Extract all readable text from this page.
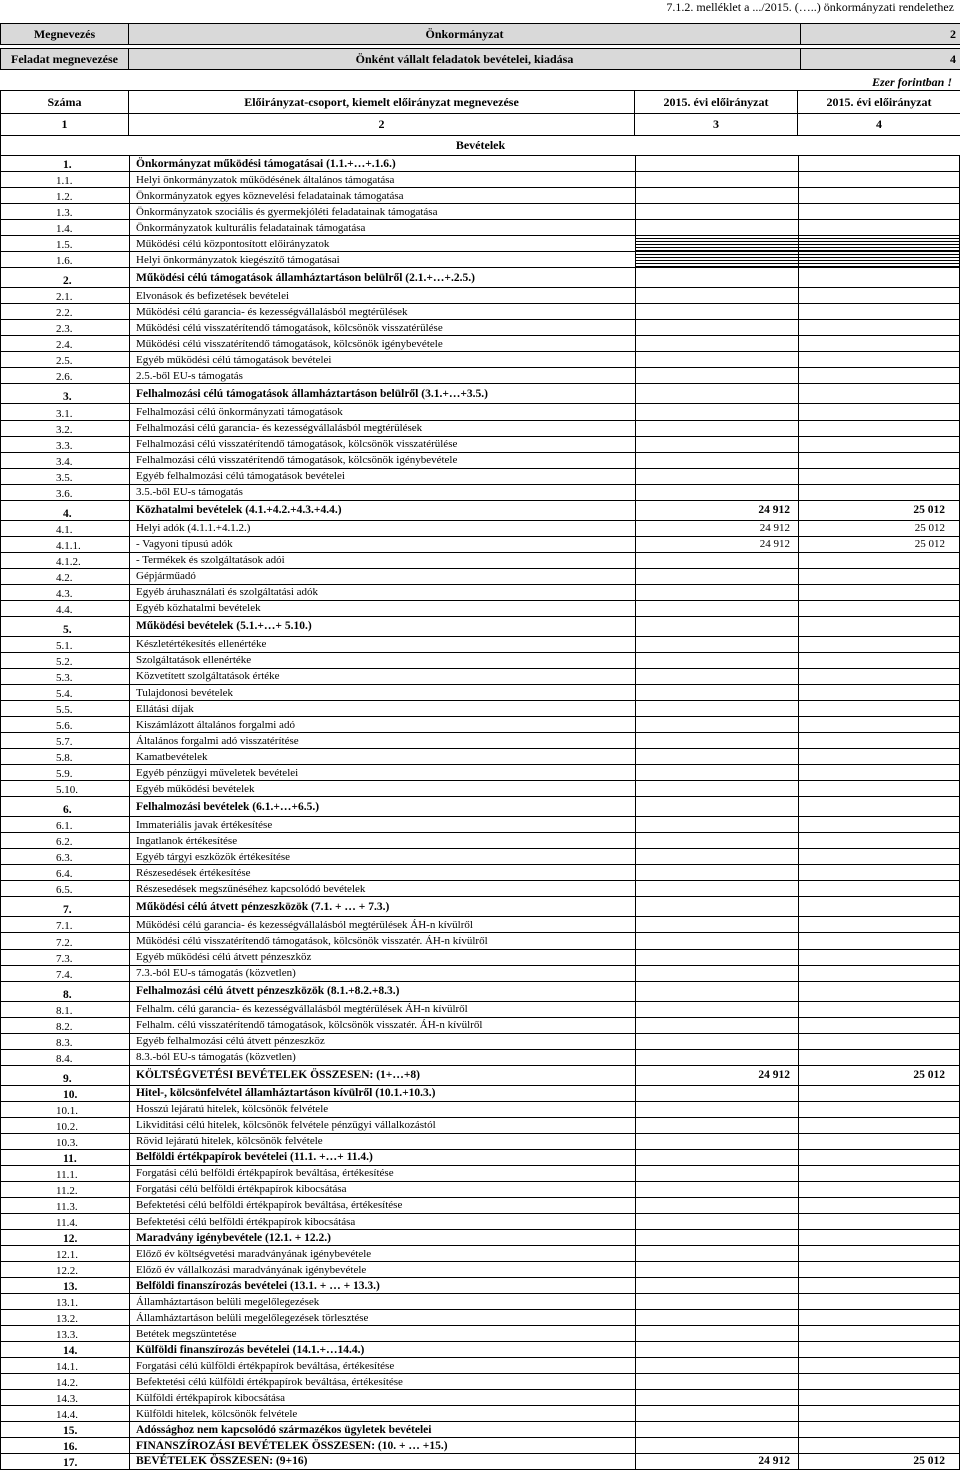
7.1.2. melléklet a .../2015. (…..) önkormányzati rendelethez
Megnevezés	Önkormányzat	2
Feladat megnevezése	Önként vállalt feladatok bevételei, kiadása	4
Ezer forintban !
Száma	Előirányzat-csoport, kiemelt előirányzat megnevezése	2015. évi előirányzat	2015. évi előirányzat
1	2	3	4
Bevételek			
1.	Önkormányzat működési támogatásai (1.1.+…+.1.6.)
1.1.	Helyi önkormányzatok működésének általános támogatása
1.2.	Önkormányzatok egyes köznevelési feladatainak támogatása
1.3.	Önkormányzatok szociális és gyermekjóléti feladatainak támogatása
1.4.	Önkormányzatok kulturális feladatainak támogatása
1.5.	Működési célú központosított előirányzatok
1.6.	Helyi önkormányzatok kiegészítő támogatásai
2.	Működési célú támogatások államháztartáson belülről (2.1.+…+.2.5.)
2.1.	Elvonások és befizetések bevételei
2.2.	Működési célú garancia- és kezességvállalásból megtérülések
2.3.	Működési célú visszatérítendő támogatások, kölcsönök visszatérülése
2.4.	Működési célú visszatérítendő támogatások, kölcsönök igénybevétele
2.5.	Egyéb működési célú támogatások bevételei
2.6.	2.5.-ből EU-s támogatás
3.	Felhalmozási célú támogatások államháztartáson belülről (3.1.+…+3.5.)
3.1.	Felhalmozási célú önkormányzati támogatások
3.2.	Felhalmozási célú garancia- és kezességvállalásból megtérülések
3.3.	Felhalmozási célú visszatérítendő támogatások, kölcsönök visszatérülése
3.4.	Felhalmozási célú visszatérítendő támogatások, kölcsönök igénybevétele
3.5.	Egyéb felhalmozási célú támogatások bevételei
3.6.	3.5.-ből EU-s támogatás
4.	Közhatalmi bevételek (4.1.+4.2.+4.3.+4.4.)	24 912	25 012
4.1.	Helyi adók (4.1.1.+4.1.2.)	24 912	25 012
4.1.1.	- Vagyoni típusú adók	24 912	25 012
4.1.2.	- Termékek és szolgáltatások adói
4.2.	Gépjárműadó
4.3.	Egyéb áruhasználati és szolgáltatási adók
4.4.	Egyéb közhatalmi bevételek
5.	Működési bevételek (5.1.+…+ 5.10.)
5.1.	Készletértékesítés ellenértéke
5.2.	Szolgáltatások ellenértéke
5.3.	Közvetített szolgáltatások értéke
5.4.	Tulajdonosi bevételek
5.5.	Ellátási díjak
5.6.	Kiszámlázott általános forgalmi adó
5.7.	Általános forgalmi adó visszatérítése
5.8.	Kamatbevételek
5.9.	Egyéb pénzügyi műveletek bevételei
5.10.	Egyéb működési bevételek
6.	Felhalmozási bevételek (6.1.+…+6.5.)
6.1.	Immateriális javak értékesítése
6.2.	Ingatlanok értékesítése
6.3.	Egyéb tárgyi eszközök értékesítése
6.4.	Részesedések értékesítése
6.5.	Részesedések megszűnéséhez kapcsolódó bevételek
7.	Működési célú átvett pénzeszközök (7.1. + … + 7.3.)
7.1.	Működési célú garancia- és kezességvállalásból megtérülések ÁH-n kívülről
7.2.	Működési célú visszatérítendő támogatások, kölcsönök visszatér. ÁH-n kívülről
7.3.	Egyéb működési célú átvett pénzeszköz
7.4.	7.3.-ból EU-s támogatás (közvetlen)
8.	Felhalmozási célú átvett pénzeszközök (8.1.+8.2.+8.3.)
8.1.	Felhalm. célú garancia- és kezességvállalásból megtérülések ÁH-n kívülről
8.2.	Felhalm. célú visszatérítendő támogatások, kölcsönök visszatér. ÁH-n kívülről
8.3.	Egyéb felhalmozási célú átvett pénzeszköz
8.4.	8.3.-ból EU-s támogatás (közvetlen)
9.	KÖLTSÉGVETÉSI BEVÉTELEK ÖSSZESEN: (1+…+8)	24 912	25 012
10.	Hitel-, kölcsönfelvétel államháztartáson kívülről (10.1.+10.3.)
10.1.	Hosszú lejáratú hitelek, kölcsönök felvétele
10.2.	Likviditási célú hitelek, kölcsönök felvétele pénzügyi vállalkozástól
10.3.	Rövid lejáratú hitelek, kölcsönök felvétele
11.	Belföldi értékpapírok bevételei (11.1. +…+ 11.4.)
11.1.	Forgatási célú belföldi értékpapírok beváltása, értékesítése
11.2.	Forgatási célú belföldi értékpapírok kibocsátása
11.3.	Befektetési célú belföldi értékpapírok beváltása, értékesítése
11.4.	Befektetési célú belföldi értékpapírok kibocsátása
12.	Maradvány igénybevétele (12.1. + 12.2.)
12.1.	Előző év költségvetési maradványának igénybevétele
12.2.	Előző év vállalkozási maradványának igénybevétele
13.	Belföldi finanszírozás bevételei (13.1. + … + 13.3.)
13.1.	Államháztartáson belüli megelőlegezések
13.2.	Államháztartáson belüli megelőlegezések törlesztése
13.3.	Betétek megszüntetése
14.	Külföldi finanszírozás bevételei (14.1.+…14.4.)
14.1.	Forgatási célú külföldi értékpapírok beváltása, értékesítése
14.2.	Befektetési célú külföldi értékpapírok beváltása, értékesítése
14.3.	Külföldi értékpapírok kibocsátása
14.4.	Külföldi hitelek, kölcsönök felvétele
15.	Adóssághoz nem kapcsolódó származékos ügyletek bevételei
16.	FINANSZÍROZÁSI BEVÉTELEK ÖSSZESEN: (10. + … +15.)
17.	BEVÉTELEK ÖSSZESEN: (9+16)	24 912	25 012
